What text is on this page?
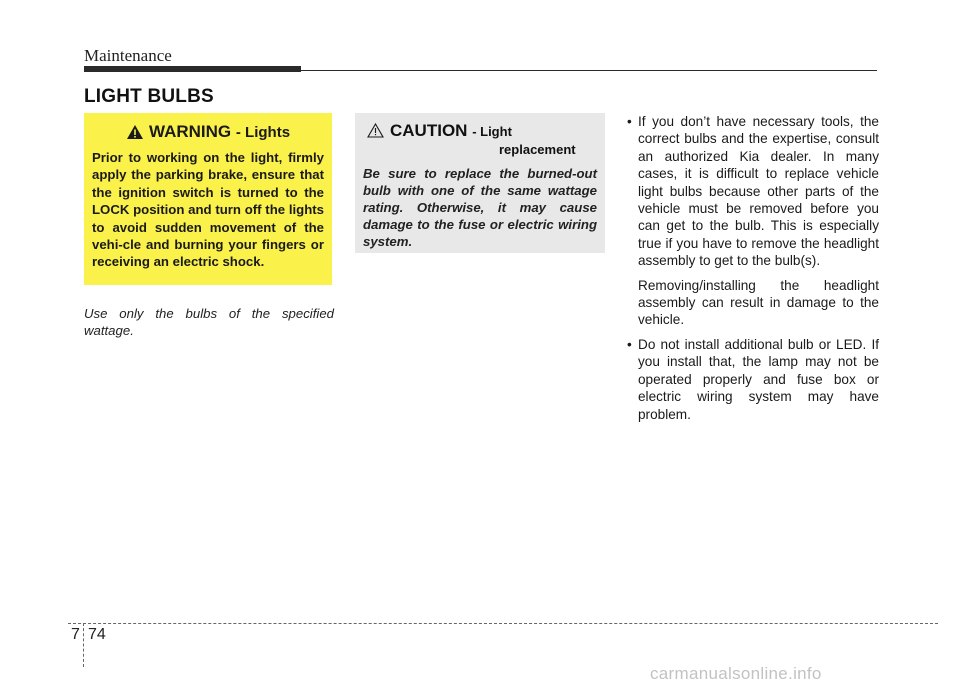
Maintenance
LIGHT BULBS
WARNING - Lights
Prior to working on the light, firmly apply the parking brake, ensure that the ignition switch is turned to the LOCK position and turn off the lights to avoid sudden movement of the vehi-cle and burning your fingers or receiving an electric shock.
Use only the bulbs of the specified wattage.
CAUTION - Light
replacement
Be sure to replace the burned-out bulb with one of the same wattage rating. Otherwise, it may cause damage to the fuse or electric wiring system.
• If you don’t have necessary tools, the correct bulbs and the expertise, consult an authorized Kia dealer. In many cases, it is difficult to replace vehicle light bulbs because other parts of the vehicle must be removed before you can get to the bulb. This is especially true if you have to remove the headlight assembly to get to the bulb(s).
Removing/installing the headlight assembly can result in damage to the vehicle.
• Do not install additional bulb or LED. If you install that, the lamp may not be operated properly and fuse box or electric wiring system may have problem.
7 74
carmanualsonline.info
